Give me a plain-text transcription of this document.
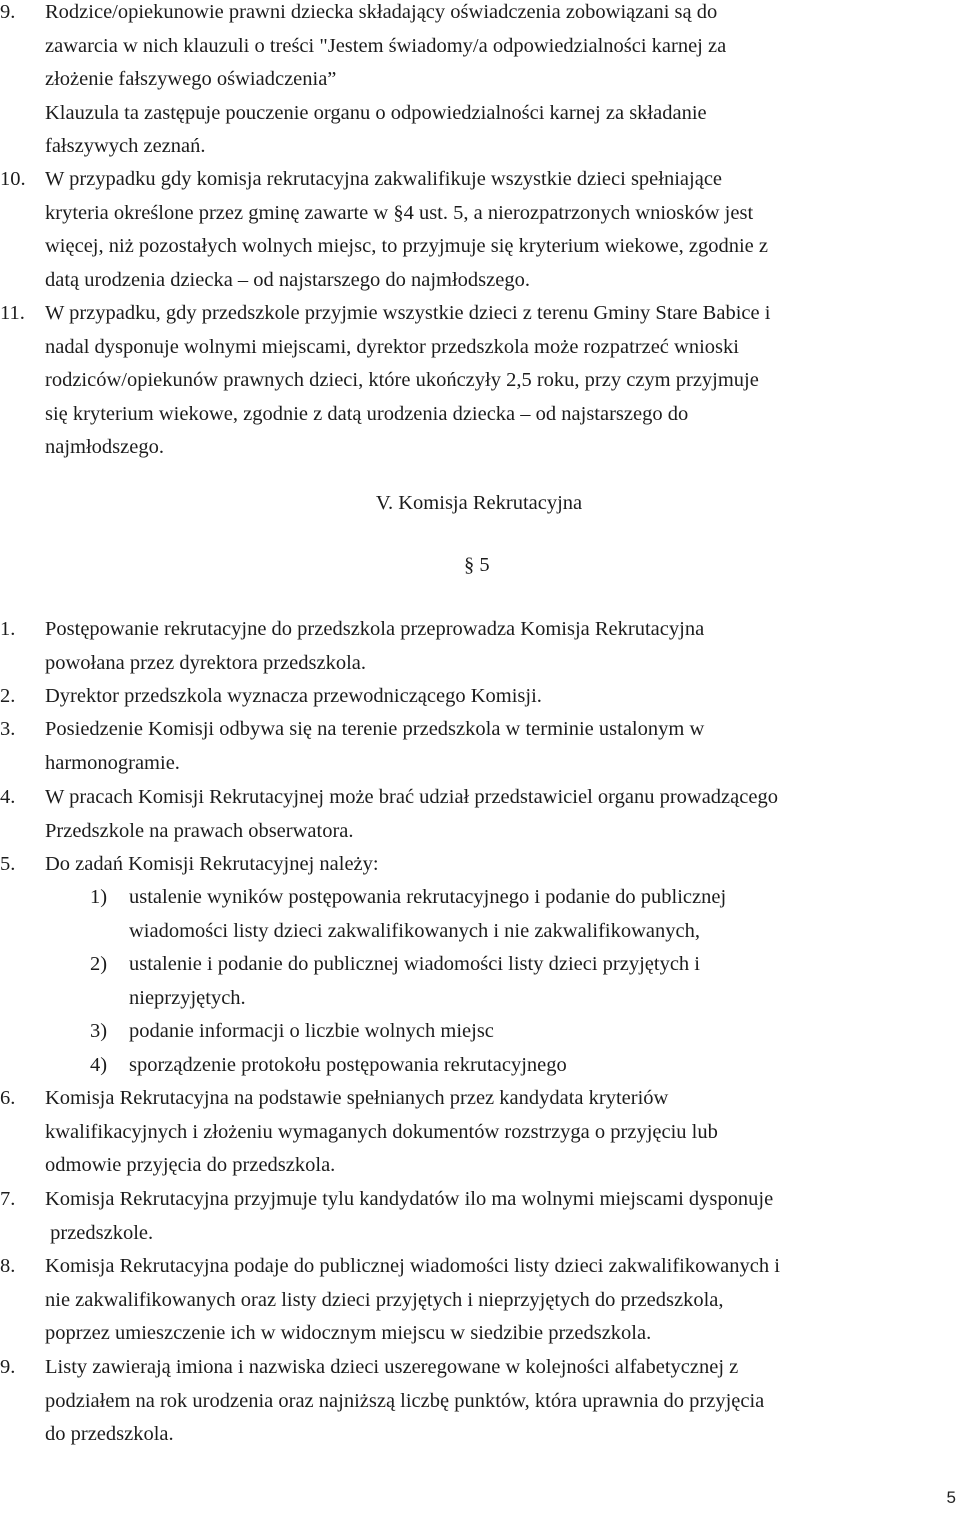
9. Rodzice/opiekunowie prawni dziecka składający oświadczenia zobowiązani są do
zawarcia w nich klauzuli o treści "Jestem świadomy/a odpowiedzialności karnej za
złożenie fałszywego oświadczenia”
Klauzula ta zastępuje pouczenie organu o odpowiedzialności karnej za składanie
fałszywych zeznań.
10. W przypadku gdy komisja rekrutacyjna zakwalifikuje wszystkie dzieci spełniające
kryteria określone przez gminę zawarte w §4 ust. 5, a nierozpatrzonych wniosków jest
więcej, niż pozostałych wolnych miejsc, to przyjmuje się kryterium wiekowe, zgodnie z
datą urodzenia dziecka – od najstarszego do najmłodszego.
11. W przypadku, gdy przedszkole przyjmie wszystkie dzieci z terenu Gminy Stare Babice i
nadal dysponuje wolnymi miejscami, dyrektor przedszkola może rozpatrzeć wnioski
rodziców/opiekunów prawnych dzieci, które ukończyły 2,5 roku, przy czym przyjmuje
się kryterium wiekowe, zgodnie z datą urodzenia dziecka – od najstarszego do
najmłodszego.
V. Komisja Rekrutacyjna
§ 5
1. Postępowanie rekrutacyjne do przedszkola przeprowadza Komisja Rekrutacyjna
powołana przez dyrektora przedszkola.
2. Dyrektor przedszkola wyznacza przewodniczącego Komisji.
3. Posiedzenie Komisji odbywa się na terenie przedszkola w terminie ustalonym w
harmonogramie.
4. W pracach Komisji Rekrutacyjnej może brać udział przedstawiciel organu prowadzącego
Przedszkole na prawach obserwatora.
5. Do zadań Komisji Rekrutacyjnej należy:
1) ustalenie wyników postępowania rekrutacyjnego i podanie do publicznej
wiadomości listy dzieci zakwalifikowanych i nie zakwalifikowanych,
2) ustalenie i podanie do publicznej wiadomości listy dzieci przyjętych i
nieprzyjętych.
3) podanie informacji o liczbie wolnych miejsc
4) sporządzenie protokołu postępowania rekrutacyjnego
6. Komisja Rekrutacyjna na podstawie spełnianych przez kandydata kryteriów
kwalifikacyjnych i złożeniu wymaganych dokumentów rozstrzyga o przyjęciu lub
odmowie przyjęcia do przedszkola.
7. Komisja Rekrutacyjna przyjmuje tylu kandydatów ilo ma wolnymi miejscami dysponuje
przedszkole.
8. Komisja Rekrutacyjna podaje do publicznej wiadomości listy dzieci zakwalifikowanych i
nie zakwalifikowanych oraz listy dzieci przyjętych i nieprzyjętych do przedszkola,
poprzez umieszczenie ich w widocznym miejscu w siedzibie przedszkola.
9. Listy zawierają imiona i nazwiska dzieci uszeregowane w kolejności alfabetycznej z
podziałem na rok urodzenia oraz najniższą liczbę punktów, która uprawnia do przyjęcia
do przedszkola.
5
